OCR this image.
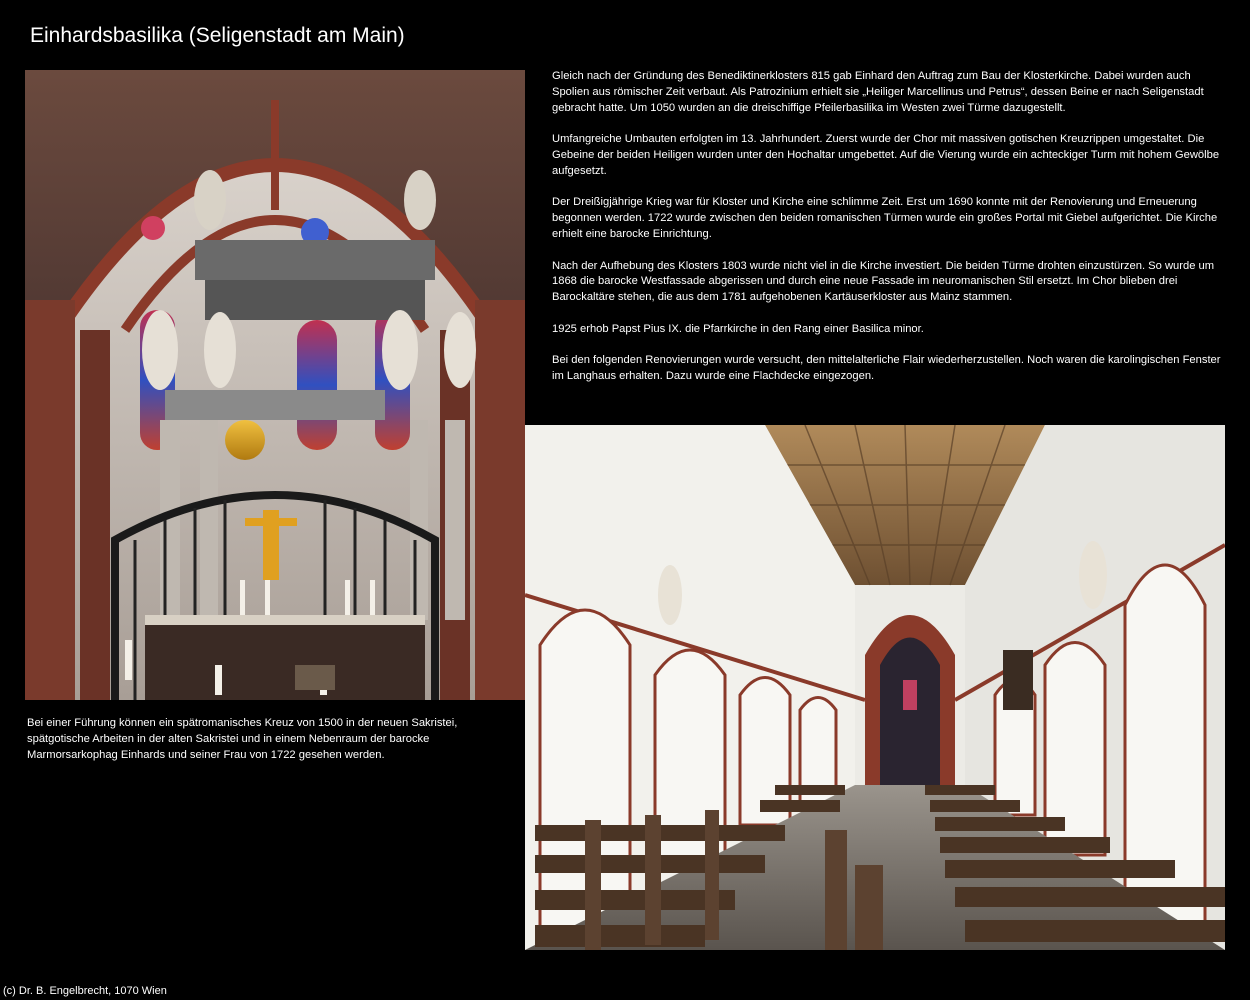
Einhardsbasilika (Seligenstadt am Main)

Gleich nach der Gründung des Benediktinerklosters 815 gab Einhard den Auftrag zum Bau der Klosterkirche. Dabei wurden auch Spolien aus römischer Zeit verbaut. Als Patrozinium erhielt sie „Heiliger Marcellinus und Petrus“, dessen Beine er nach Seligenstadt gebracht hatte. Um 1050 wurden an die dreischiffige Pfeilerbasilika im Westen zwei Türme dazugestellt.

Umfangreiche Umbauten erfolgten im 13. Jahrhundert. Zuerst wurde der Chor mit massiven gotischen Kreuzrippen umgestaltet. Die Gebeine der beiden Heiligen wurden unter den Hochaltar umgebettet. Auf die Vierung wurde ein achteckiger Turm mit hohem Gewölbe aufgesetzt.

Der Dreißigjährige Krieg war für Kloster und Kirche eine schlimme Zeit. Erst um 1690 konnte mit der Renovierung und Erneuerung begonnen werden. 1722 wurde zwischen den beiden romanischen Türmen wurde ein großes Portal mit Giebel aufgerichtet. Die Kirche erhielt eine barocke Einrichtung.

Nach der Aufhebung des Klosters 1803 wurde nicht viel in die Kirche investiert. Die beiden Türme drohten einzustürzen. So wurde um 1868 die barocke Westfassade abgerissen und durch eine neue Fassade im neuromanischen Stil ersetzt. Im Chor blieben drei Barockaltäre stehen, die aus dem 1781 aufgehobenen Kartäuserkloster aus Mainz stammen.

1925 erhob Papst Pius IX. die Pfarrkirche in den Rang einer Basilica minor.

Bei den folgenden Renovierungen wurde versucht, den mittelalterliche Flair wiederherzustellen. Noch waren die karolingischen Fenster im Langhaus erhalten. Dazu wurde eine Flachdecke eingezogen.

Bei einer Führung können ein spätromanisches Kreuz von 1500 in der neuen Sakristei, spätgotische Arbeiten in der alten Sakristei und in einem Nebenraum der barocke Marmorsarkophag Einhards und seiner Frau von 1722 gesehen werden.
(c) Dr. B. Engelbrecht, 1070 Wien
